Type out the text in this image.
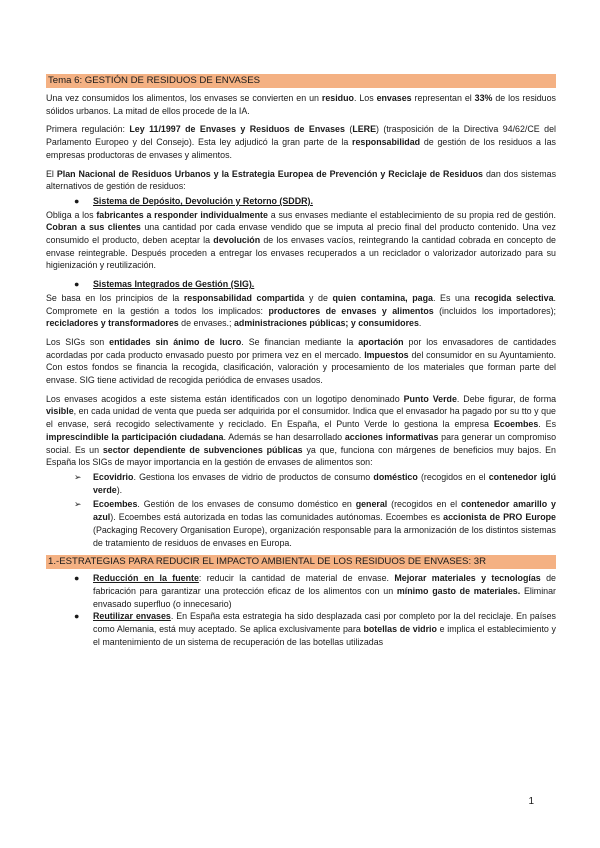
Tema 6: GESTIÓN DE RESIDUOS DE ENVASES

Una vez consumidos los alimentos, los envases se convierten en un residuo. Los envases representan el 33% de los residuos sólidos urbanos. La mitad de ellos procede de la IA.

Primera regulación: Ley 11/1997 de Envases y Residuos de Envases (LERE) (trasposición de la Directiva 94/62/CE del Parlamento Europeo y del Consejo). Esta ley adjudicó la gran parte de la responsabilidad de gestión de los residuos a las empresas productoras de envases y alimentos.

El Plan Nacional de Residuos Urbanos y la Estrategia Europea de Prevención y Reciclaje de Residuos dan dos sistemas alternativos de gestión de residuos:

●	Sistema de Depósito, Devolución y Retorno (SDDR).

Obliga a los fabricantes a responder individualmente a sus envases mediante el establecimiento de su propia red de gestión. Cobran a sus clientes una cantidad por cada envase vendido que se imputa al precio final del producto contenido. Una vez consumido el producto, deben aceptar la devolución de los envases vacíos, reintegrando la cantidad cobrada en concepto de envase reintegrable. Después proceden a entregar los envases recuperados a un reciclador o valorizador autorizado para su higienización y reutilización.

●	Sistemas Integrados de Gestión (SIG).

Se basa en los principios de la responsabilidad compartida y de quien contamina, paga. Es una recogida selectiva. Compromete en la gestión a todos los implicados: productores de envases y alimentos (incluidos los importadores); recicladores y transformadores de envases.; administraciones públicas; y consumidores.

Los SIGs son entidades sin ánimo de lucro. Se financian mediante la aportación por los envasadores de cantidades acordadas por cada producto envasado puesto por primera vez en el mercado. Impuestos del consumidor en su Ayuntamiento. Con estos fondos se financia la recogida, clasificación, valoración y procesamiento de los materiales que forman parte del envase. SIG tiene actividad de recogida periódica de envases usados.

Los envases acogidos a este sistema están identificados con un logotipo denominado Punto Verde. Debe figurar, de forma visible, en cada unidad de venta que pueda ser adquirida por el consumidor. Indica que el envasador ha pagado por su tto y que el envase, será recogido selectivamente y reciclado. En España, el Punto Verde lo gestiona la empresa Ecoembes. Es imprescindible la participación ciudadana. Además se han desarrollado acciones informativas para generar un compromiso social. Es un sector dependiente de subvenciones públicas ya que, funciona con márgenes de beneficios muy bajos. En España los SIGs de mayor importancia en la gestión de envases de alimentos son:

➢	Ecovidrio. Gestiona los envases de vidrio de productos de consumo doméstico (recogidos en el contenedor iglú verde).
➢	Ecoembes. Gestión de los envases de consumo doméstico en general (recogidos en el contenedor amarillo y azul). Ecoembes está autorizada en todas las comunidades autónomas. Ecoembes es accionista de PRO Europe (Packaging Recovery Organisation Europe), organización responsable para la armonización de los distintos sistemas de tratamiento de residuos de envases en Europa.
1.-ESTRATEGIAS PARA REDUCIR EL IMPACTO AMBIENTAL DE LOS RESIDUOS DE ENVASES: 3R
●	Reducción en la fuente: reducir la cantidad de material de envase. Mejorar materiales y tecnologías de fabricación para garantizar una protección eficaz de los alimentos con un mínimo gasto de materiales. Eliminar envasado superfluo (o innecesario)
●	Reutilizar envases. En España esta estrategia ha sido desplazada casi por completo por la del reciclaje. En países como Alemania, está muy aceptado. Se aplica exclusivamente para botellas de vidrio e implica el establecimiento y el mantenimiento de un sistema de recuperación de las botellas utilizadas
1
